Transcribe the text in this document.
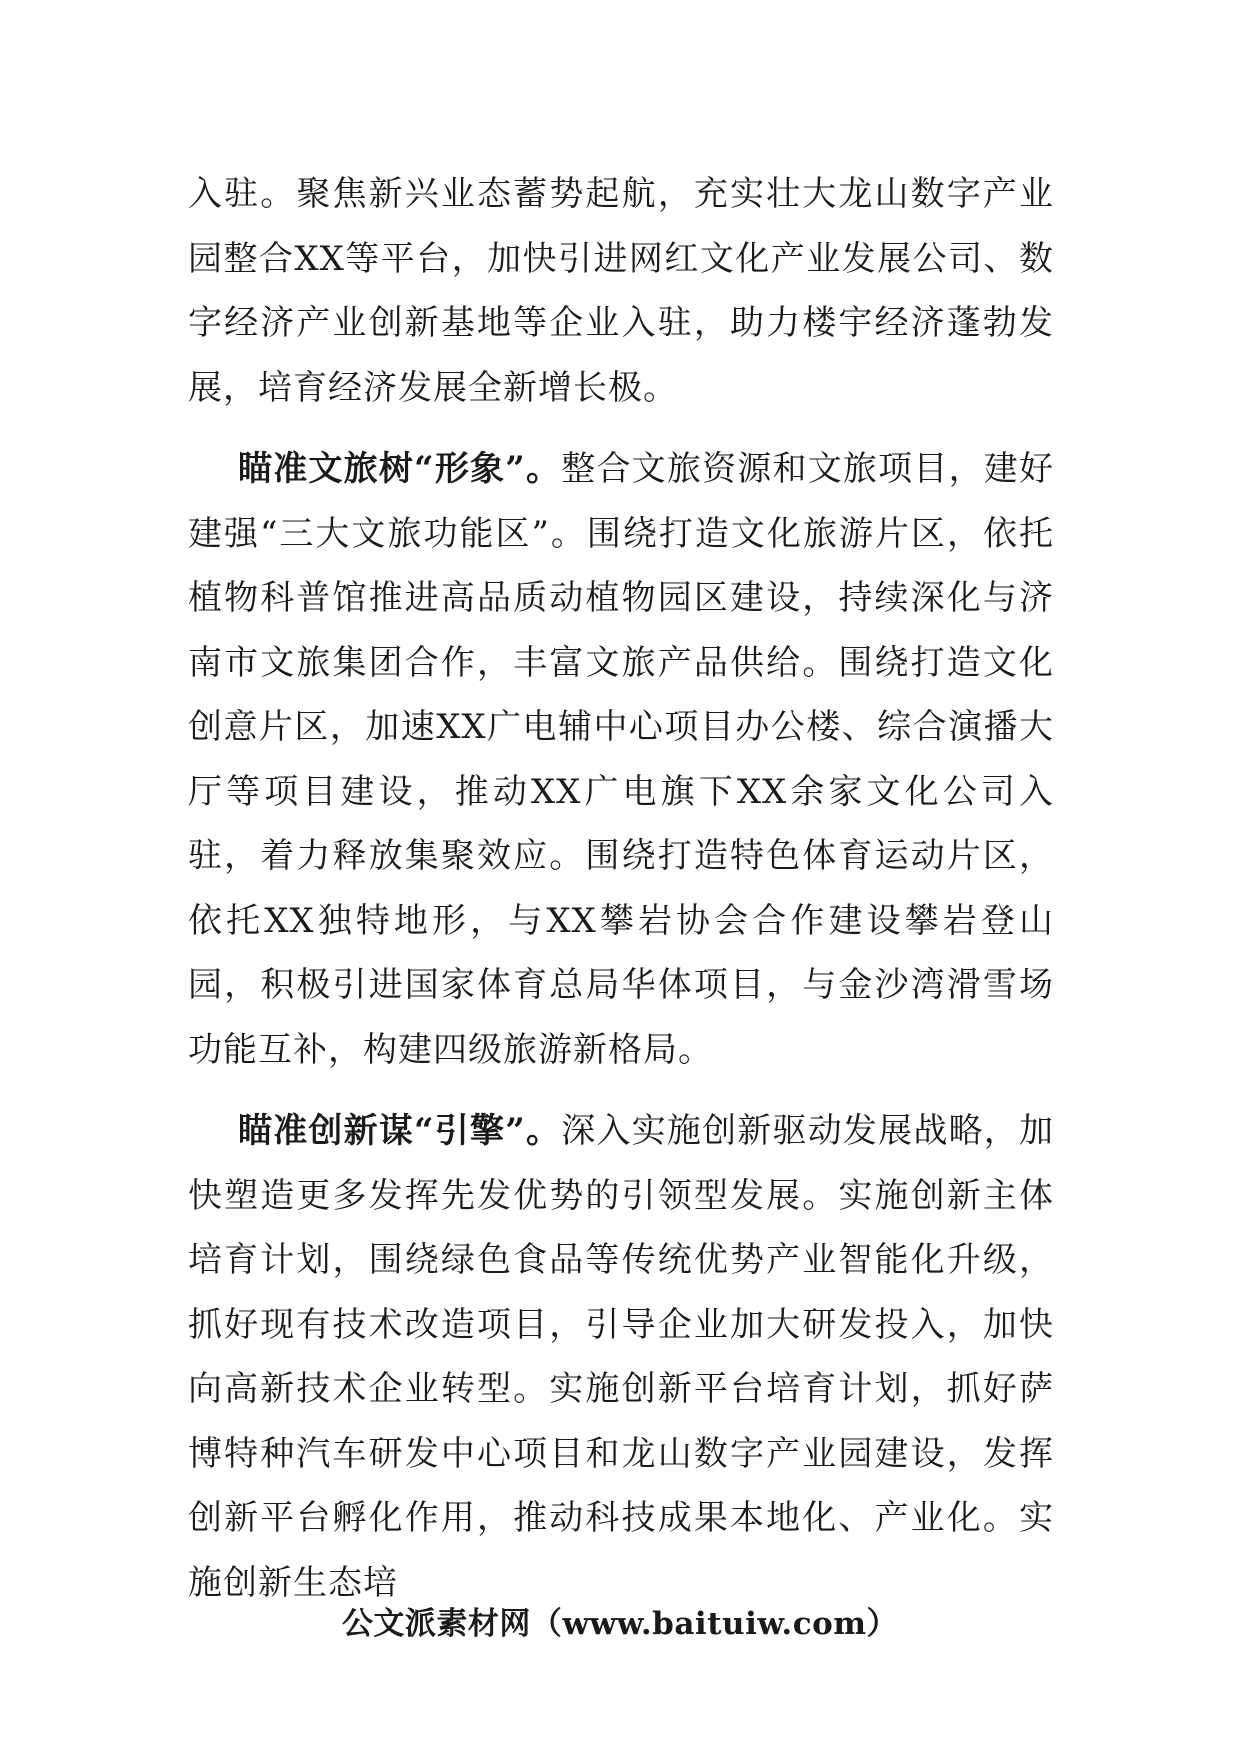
入驻。聚焦新兴业态蓄势起航，充实壮大龙山数字产业园整合XX等平台，加快引进网红文化产业发展公司、数字经济产业创新基地等企业入驻，助力楼宇经济蓬勃发展，培育经济发展全新增长极。

瞄准文旅树“形象”。整合文旅资源和文旅项目，建好建强“三大文旅功能区”。围绕打造文化旅游片区，依托植物科普馆推进高品质动植物园区建设，持续深化与济南市文旅集团合作，丰富文旅产品供给。围绕打造文化创意片区，加速XX广电辅中心项目办公楼、综合演播大厅等项目建设，推动XX广电旗下XX余家文化公司入驻，着力释放集聚效应。围绕打造特色体育运动片区，依托XX独特地形，与XX攀岩协会合作建设攀岩登山园，积极引进国家体育总局华体项目，与金沙湾滑雪场功能互补，构建四级旅游新格局。

瞄准创新谋“引擎”。深入实施创新驱动发展战略，加快塑造更多发挥先发优势的引领型发展。实施创新主体培育计划，围绕绿色食品等传统优势产业智能化升级，抓好现有技术改造项目，引导企业加大研发投入，加快向高新技术企业转型。实施创新平台培育计划，抓好萨博特种汽车研发中心项目和龙山数字产业园建设，发挥创新平台孵化作用，推动科技成果本地化、产业化。实施创新生态培

公文派素材网（www.baituiw.com）
